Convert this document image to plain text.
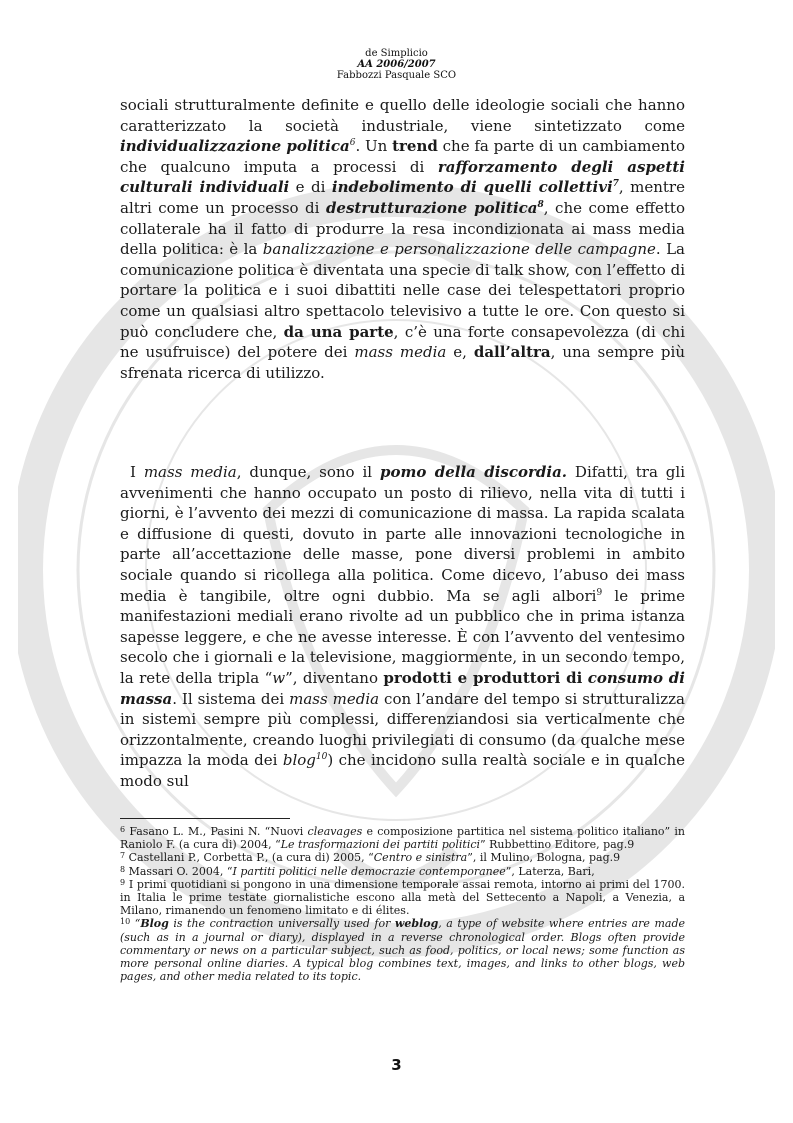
de Simplicio
AA 2006/2007
Fabbozzi Pasquale SCO

sociali strutturalmente definite e quello delle ideologie sociali che hanno caratterizzato la società industriale, viene sintetizzato come individualizzazione politica$^6$. Un trend che fa parte di un cambiamento che qualcuno imputa a processi di rafforzamento degli aspetti culturali individuali e di indebolimento di quelli collettivi$^7$, mentre altri come un processo di destrutturazione politica$^8$, che come effetto collaterale ha il fatto di produrre la resa incondizionata ai mass media della politica: è la banalizzazione e personalizzazione delle campagne. La comunicazione politica è diventata una specie di talk show, con l’effetto di portare la politica e i suoi dibattiti nelle case dei telespettatori proprio come un qualsiasi altro spettacolo televisivo a tutte le ore. Con questo si può concludere che, da una parte, c’è una forte consapevolezza (di chi ne usufruisce) del potere dei mass media e, dall’altra, una sempre più sfrenata ricerca di utilizzo.

I mass media, dunque, sono il pomo della discordia. Difatti, tra gli avvenimenti che hanno occupato un posto di rilievo, nella vita di tutti i giorni, è l’avvento dei mezzi di comunicazione di massa. La rapida scalata e diffusione di questi, dovuto in parte alle innovazioni tecnologiche in parte all’accettazione delle masse, pone diversi problemi in ambito sociale quando si ricollega alla politica. Come dicevo, l’abuso dei mass media è tangibile, oltre ogni dubbio. Ma se agli albori$^9$ le prime manifestazioni mediali erano rivolte ad un pubblico che in prima istanza sapesse leggere, e che ne avesse interesse. È con l’avvento del ventesimo secolo che i giornali e la televisione, maggiormente, in un secondo tempo, la rete della tripla “w”, diventano prodotti e produttori di consumo di massa. Il sistema dei mass media con l’andare del tempo si strutturalizza in sistemi sempre più complessi, differenziandosi sia verticalmente che orizzontalmente, creando luoghi privilegiati di consumo (da qualche mese impazza la moda dei blog$^{10}$) che incidono sulla realtà sociale e in qualche modo sul

$^6$ Fasano L. M., Pasini N. “Nuovi cleavages e composizione partitica nel sistema politico italiano” in Raniolo F. (a cura di) 2004, “Le trasformazioni dei partiti politici” Rubbettino Editore, pag.9

$^7$ Castellani P., Corbetta P., (a cura di) 2005, “Centro e sinistra”, il Mulino, Bologna, pag.9

$^8$ Massari O. 2004, “I partiti politici nelle democrazie contemporanee”, Laterza, Bari,

$^9$ I primi quotidiani si pongono in una dimensione temporale assai remota, intorno ai primi del 1700. in Italia le prime testate giornalistiche escono alla metà del Settecento a Napoli, a Venezia, a Milano, rimanendo un fenomeno limitato e di élites.

$^{10}$ “Blog is the contraction universally used for weblog, a type of website where entries are made (such as in a journal or diary), displayed in a reverse chronological order. Blogs often provide commentary or news on a particular subject, such as food, politics, or local news; some function as more personal online diaries. A typical blog combines text, images, and links to other blogs, web pages, and other media related to its topic.

3
